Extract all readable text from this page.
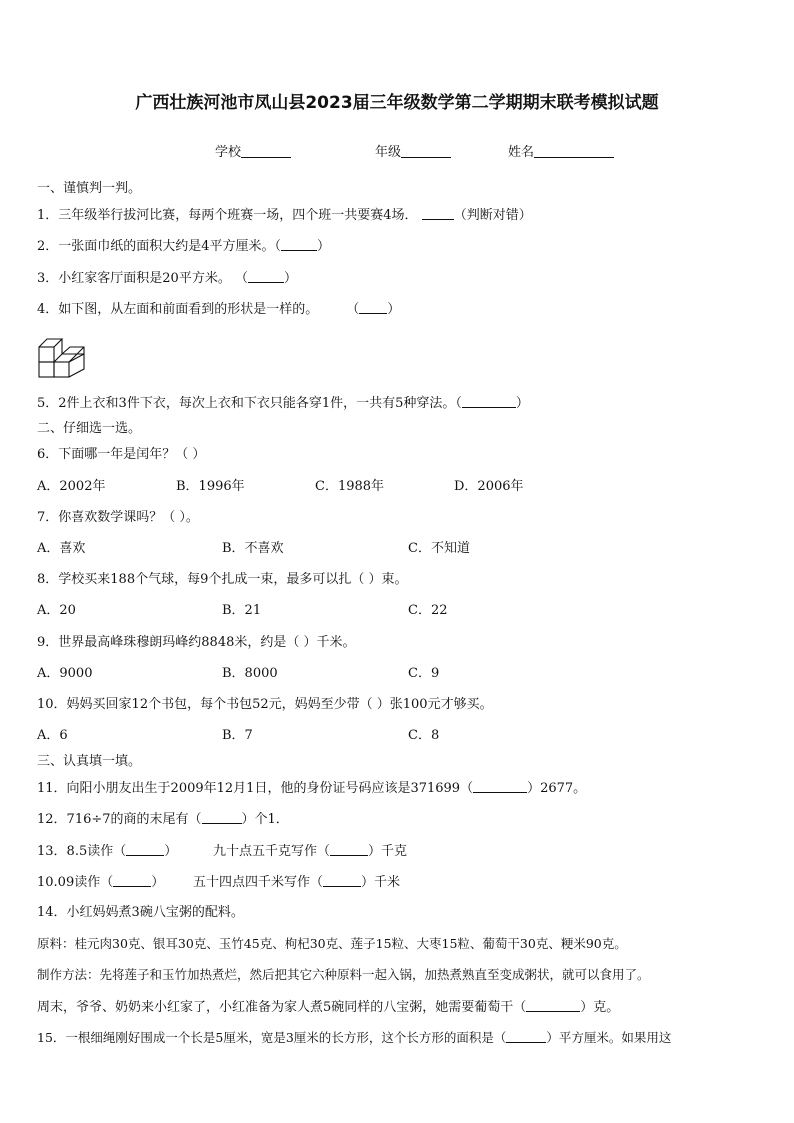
广西壮族河池市凤山县2023届三年级数学第二学期期末联考模拟试题
学校	年级	姓名
一、谨慎判一判。
1．三年级举行拔河比赛，每两个班赛一场，四个班一共要赛4场．	（判断对错）
2．一张面巾纸的面积大约是4平方厘米。（	）
3．小红家客厅面积是20平方米。 （	）
4．如下图，从左面和前面看到的形状是一样的。 （ ）
5．2件上衣和3件下衣，每次上衣和下衣只能各穿1件，一共有5种穿法。（	）
二、仔细选一选。
6．下面哪一年是闰年？（ ）
A．2002年	B．1996年	C．1988年	D．2006年
7．你喜欢数学课吗？（ ）。
A．喜欢	B．不喜欢	C．不知道
8．学校买来188个气球，每9个扎成一束，最多可以扎（ ）束。
A．20	B．21	C．22
9．世界最高峰珠穆朗玛峰约8848米，约是（ ）千米。
A．9000	B．8000	C．9
10．妈妈买回家12个书包，每个书包52元，妈妈至少带（ ）张100元才够买。
A．6	B．7	C．8
三、认真填一填。
11．向阳小朋友出生于2009年12月1日，他的身份证号码应该是371699（	）2677。
12．716÷7的商的末尾有（	）个1．
13．8.5读作（	）	九十点五千克写作（	）千克
10.09读作（	） 五十四点四千米写作（	）千米
14．小红妈妈煮3碗八宝粥的配料。
原料：桂元肉30克、银耳30克、玉竹45克、枸杞30克、莲子15粒、大枣15粒、葡萄干30克、粳米90克。
制作方法：先将莲子和玉竹加热煮烂，然后把其它六种原料一起入锅，加热煮熟直至变成粥状，就可以食用了。
周末，爷爷、奶奶来小红家了，小红准备为家人煮5碗同样的八宝粥，她需要葡萄干（	）克。
15．一根细绳刚好围成一个长是5厘米，宽是3厘米的长方形，这个长方形的面积是（	）平方厘米。如果用这
